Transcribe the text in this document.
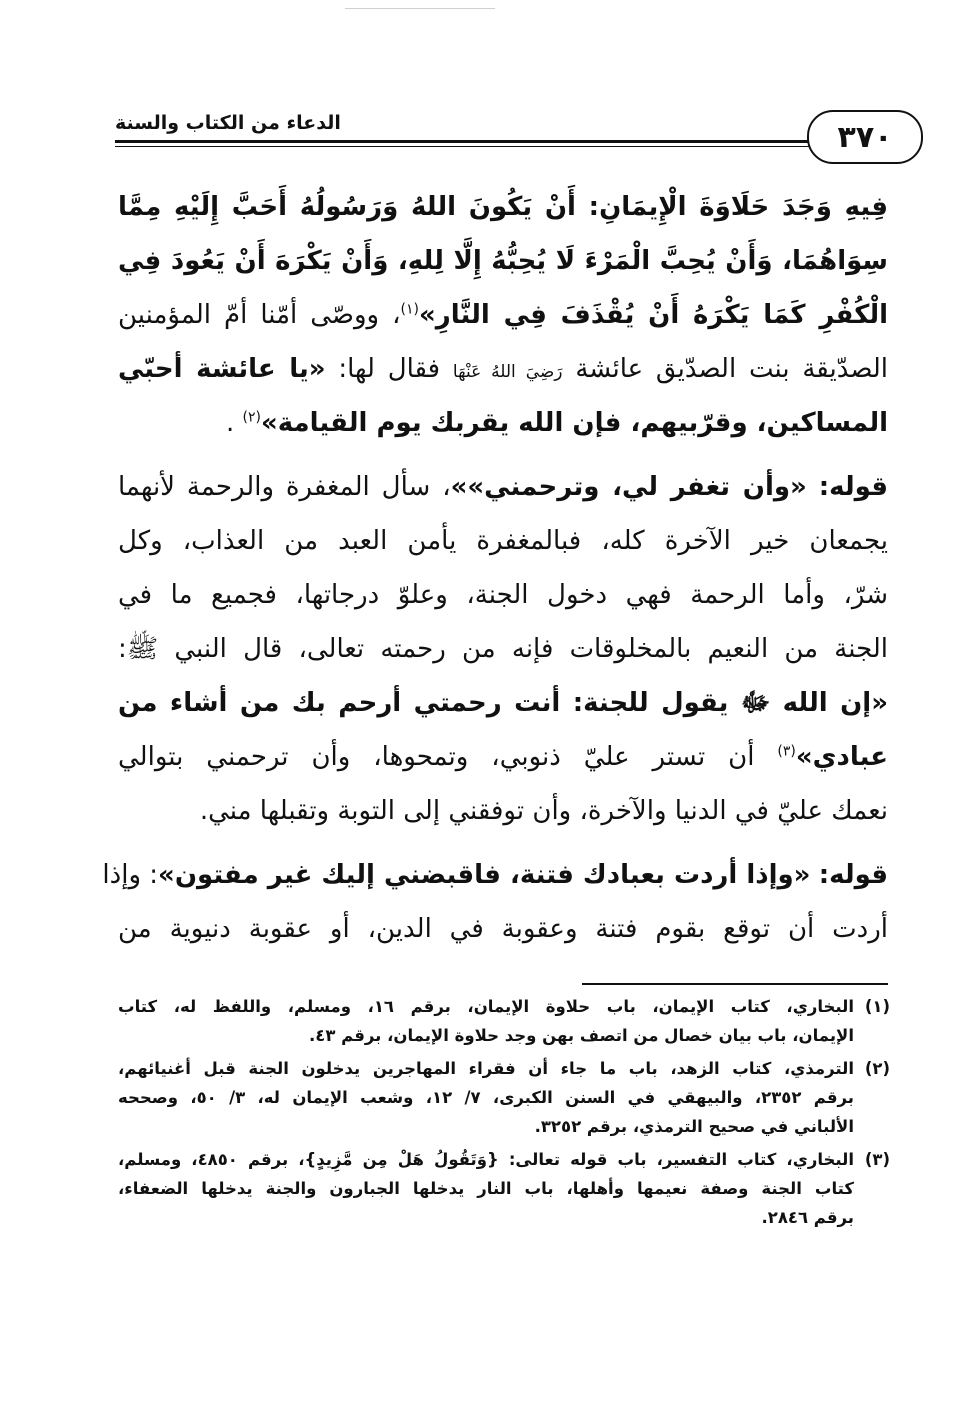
الدعاء من الكتاب والسنة	٣٧٠

فِيهِ وَجَدَ حَلَاوَةَ الْإِيمَانِ: أَنْ يَكُونَ اللهُ وَرَسُولُهُ أَحَبَّ إِلَيْهِ مِمَّا
سِوَاهُمَا، وَأَنْ يُحِبَّ الْمَرْءَ لَا يُحِبُّهُ إِلَّا لِلهِ، وَأَنْ يَكْرَهَ أَنْ يَعُودَ فِي
الْكُفْرِ كَمَا يَكْرَهُ أَنْ يُقْذَفَ فِي النَّارِ»$^{(١)}$، ووصّى أمّنا أمّ المؤمنين
الصدّيقة بنت الصدّيق عائشة رَضِيَ اللهُ عَنْهَا فقال لها: «يا عائشة أحبّي
المساكين، وقرّبيهم، فإن الله يقربك يوم القيامة»$^{(٢)}$ .

قوله: «وأن تغفر لي، وترحمني»»، سأل المغفرة والرحمة لأنهما
يجمعان خير الآخرة كله، فبالمغفرة يأمن العبد من العذاب، وكل
شرّ، وأما الرحمة فهي دخول الجنة، وعلوّ درجاتها، فجميع ما في
الجنة من النعيم بالمخلوقات فإنه من رحمته تعالى، قال النبي ﷺ:
«إن الله ﷻ يقول للجنة: أنت رحمتي أرحم بك من أشاء من
عبادي»$^{(٣)}$ أن تستر عليّ ذنوبي، وتمحوها، وأن ترحمني بتوالي
نعمك عليّ في الدنيا والآخرة، وأن توفقني إلى التوبة وتقبلها مني.

قوله: «وإذا أردت بعبادك فتنة، فاقبضني إليك غير مفتون»: وإذا
أردت أن توقع بقوم فتنة وعقوبة في الدين، أو عقوبة دنيوية من

(١)
البخاري، كتاب الإيمان، باب حلاوة الإيمان، برقم ١٦، ومسلم، واللفظ له، كتاب
الإيمان، باب بيان خصال من اتصف بهن وجد حلاوة الإيمان، برقم ٤٣.
(٢)
الترمذي، كتاب الزهد، باب ما جاء أن فقراء المهاجرين يدخلون الجنة قبل أغنيائهم،
برقم ٢٣٥٢، والبيهقي في السنن الكبرى، ٧/ ١٢، وشعب الإيمان له، ٣/ ٥٠، وصححه
الألباني في صحيح الترمذي، برقم ٣٢٥٢.
(٣)
البخاري، كتاب التفسير، باب قوله تعالى: {وَتَقُولُ هَلْ مِن مَّزِيدٍ}، برقم ٤٨٥٠، ومسلم،
كتاب الجنة وصفة نعيمها وأهلها، باب النار يدخلها الجبارون والجنة يدخلها الضعفاء،
برقم ٢٨٤٦.
